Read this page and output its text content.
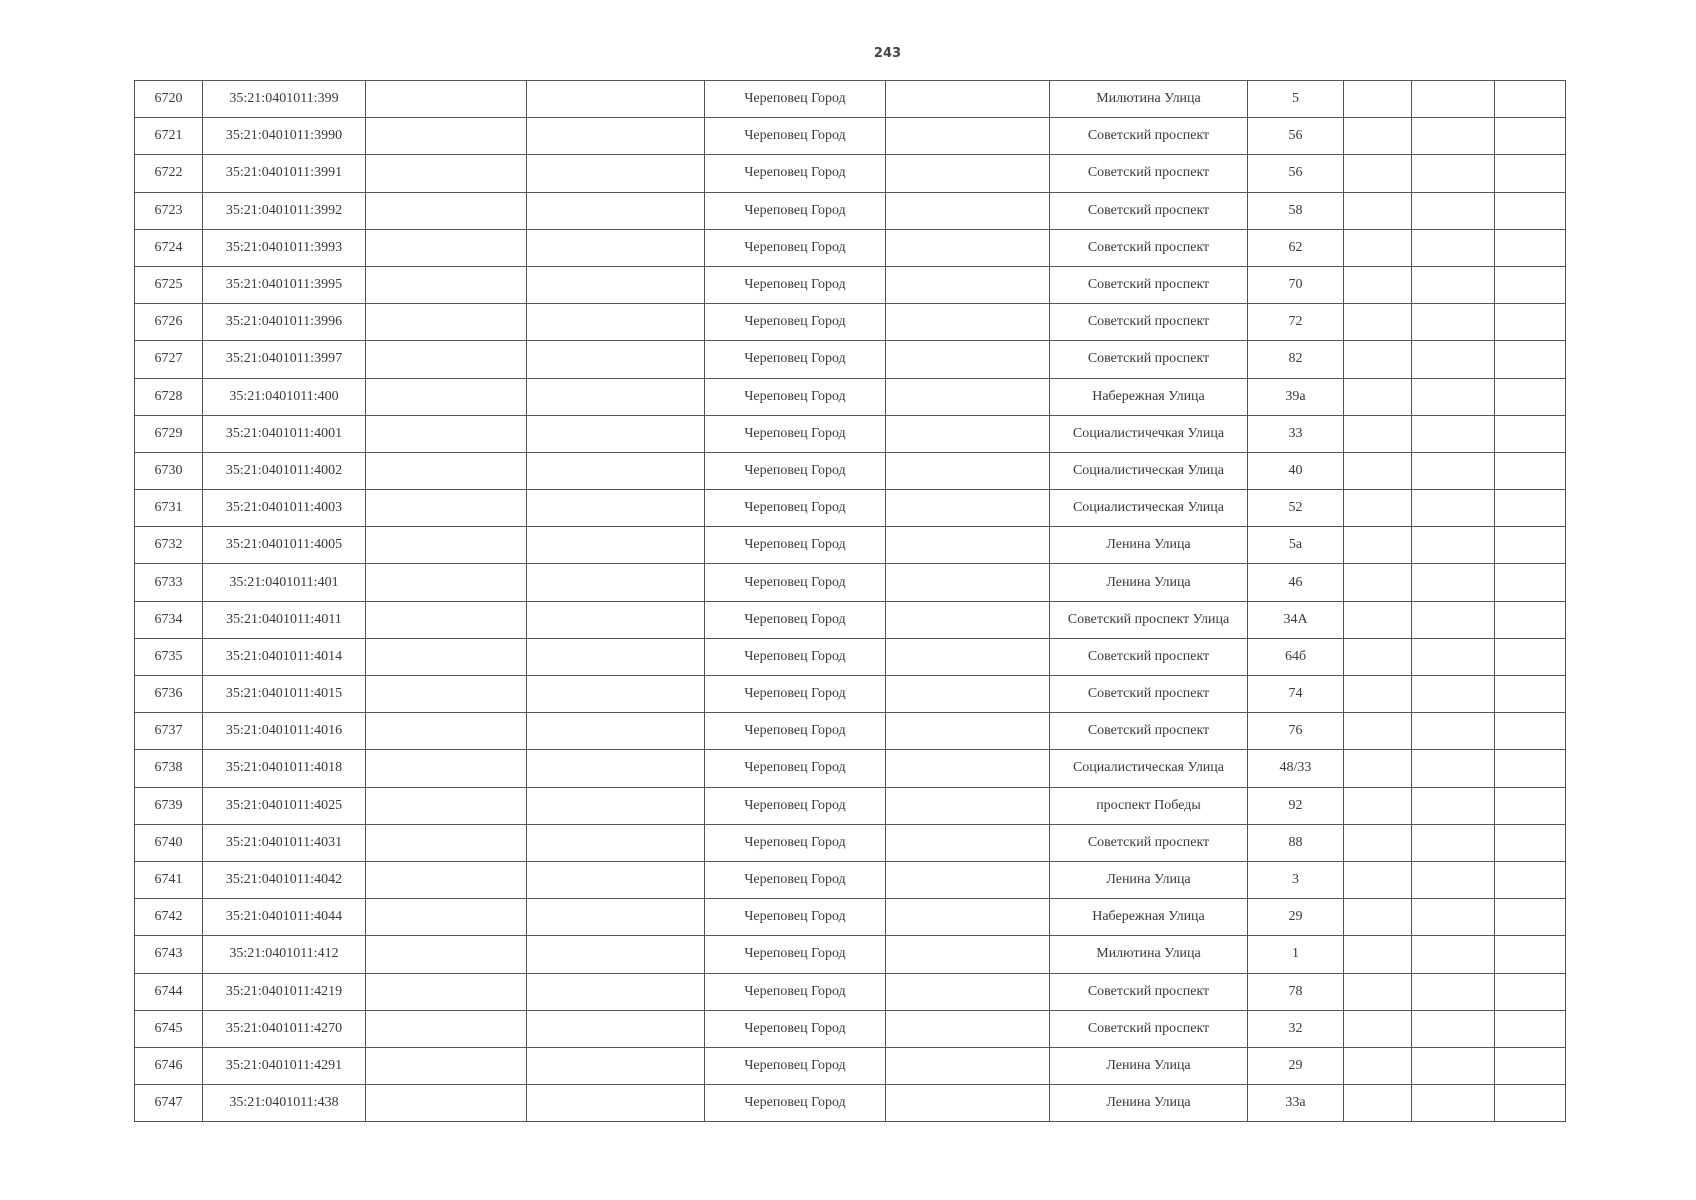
243
6720	35:21:0401011:399			Череповец Город		Милютина Улица	5			
6721	35:21:0401011:3990			Череповец Город		Советский проспект	56			
6722	35:21:0401011:3991			Череповец Город		Советский проспект	56			
6723	35:21:0401011:3992			Череповец Город		Советский проспект	58			
6724	35:21:0401011:3993			Череповец Город		Советский проспект	62			
6725	35:21:0401011:3995			Череповец Город		Советский проспект	70			
6726	35:21:0401011:3996			Череповец Город		Советский проспект	72			
6727	35:21:0401011:3997			Череповец Город		Советский проспект	82			
6728	35:21:0401011:400			Череповец Город		Набережная Улица	39а			
6729	35:21:0401011:4001			Череповец Город		Социалистичечкая Улица	33			
6730	35:21:0401011:4002			Череповец Город		Социалистическая Улица	40			
6731	35:21:0401011:4003			Череповец Город		Социалистическая Улица	52			
6732	35:21:0401011:4005			Череповец Город		Ленина Улица	5а			
6733	35:21:0401011:401			Череповец Город		Ленина Улица	46			
6734	35:21:0401011:4011			Череповец Город		Советский проспект Улица	34А			
6735	35:21:0401011:4014			Череповец Город		Советский проспект	64б			
6736	35:21:0401011:4015			Череповец Город		Советский проспект	74			
6737	35:21:0401011:4016			Череповец Город		Советский проспект	76			
6738	35:21:0401011:4018			Череповец Город		Социалистическая Улица	48/33			
6739	35:21:0401011:4025			Череповец Город		проспект Победы	92			
6740	35:21:0401011:4031			Череповец Город		Советский проспект	88			
6741	35:21:0401011:4042			Череповец Город		Ленина Улица	3			
6742	35:21:0401011:4044			Череповец Город		Набережная Улица	29			
6743	35:21:0401011:412			Череповец Город		Милютина Улица	1			
6744	35:21:0401011:4219			Череповец Город		Советский проспект	78			
6745	35:21:0401011:4270			Череповец Город		Советский проспект	32			
6746	35:21:0401011:4291			Череповец Город		Ленина Улица	29			
6747	35:21:0401011:438			Череповец Город		Ленина Улица	33а			
